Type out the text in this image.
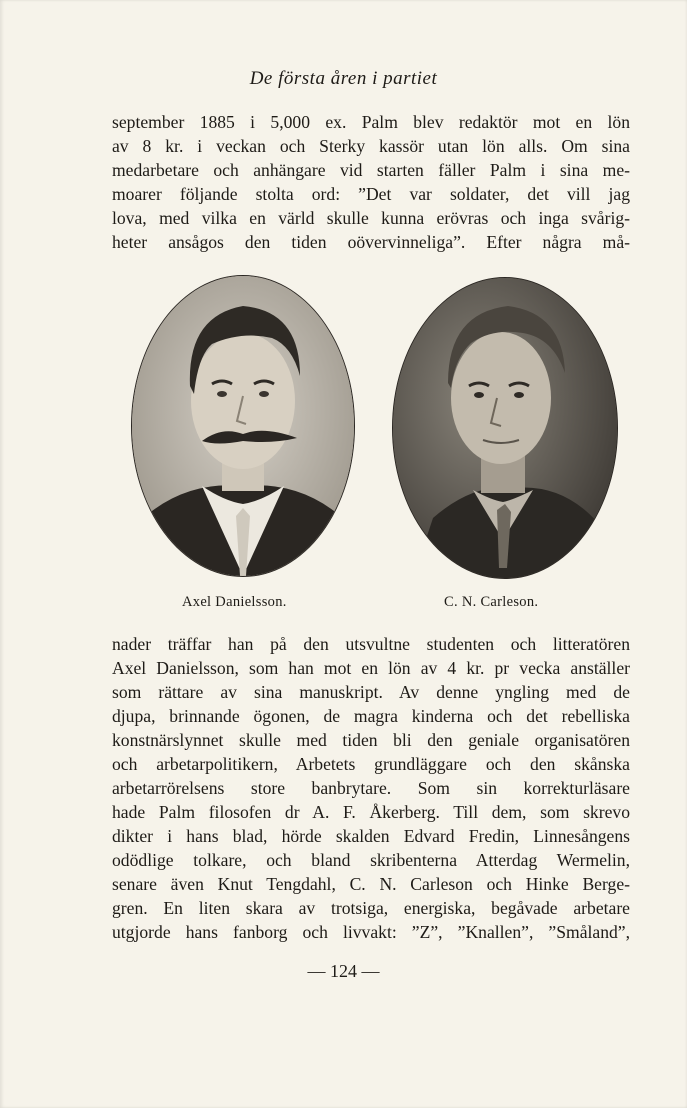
De första åren i partiet

september 1885 i 5,000 ex. Palm blev redaktör mot en lön
av 8 kr. i veckan och Sterky kassör utan lön alls. Om sina
medarbetare och anhängare vid starten fäller Palm i sina me-
moarer följande stolta ord: ”Det var soldater, det vill jag
lova, med vilka en värld skulle kunna erövras och inga svårig-
heter ansågos den tiden oövervinneliga”. Efter några må-

Axel Danielsson.	C. N. Carleson.

nader träffar han på den utsvultne studenten och litteratören
Axel Danielsson, som han mot en lön av 4 kr. pr vecka anställer
som rättare av sina manuskript. Av denne yngling med de
djupa, brinnande ögonen, de magra kinderna och det rebelliska
konstnärslynnet skulle med tiden bli den geniale organisatören
och arbetarpolitikern, Arbetets grundläggare och den skånska
arbetarrörelsens store banbrytare. Som sin korrekturläsare
hade Palm filosofen dr A. F. Åkerberg. Till dem, som skrevo
dikter i hans blad, hörde skalden Edvard Fredin, Linnesångens
odödlige tolkare, och bland skribenterna Atterdag Wermelin,
senare även Knut Tengdahl, C. N. Carleson och Hinke Berge-
gren. En liten skara av trotsiga, energiska, begåvade arbetare
utgjorde hans fanborg och livvakt: ”Z”, ”Knallen”, ”Småland”,

— 124 —
